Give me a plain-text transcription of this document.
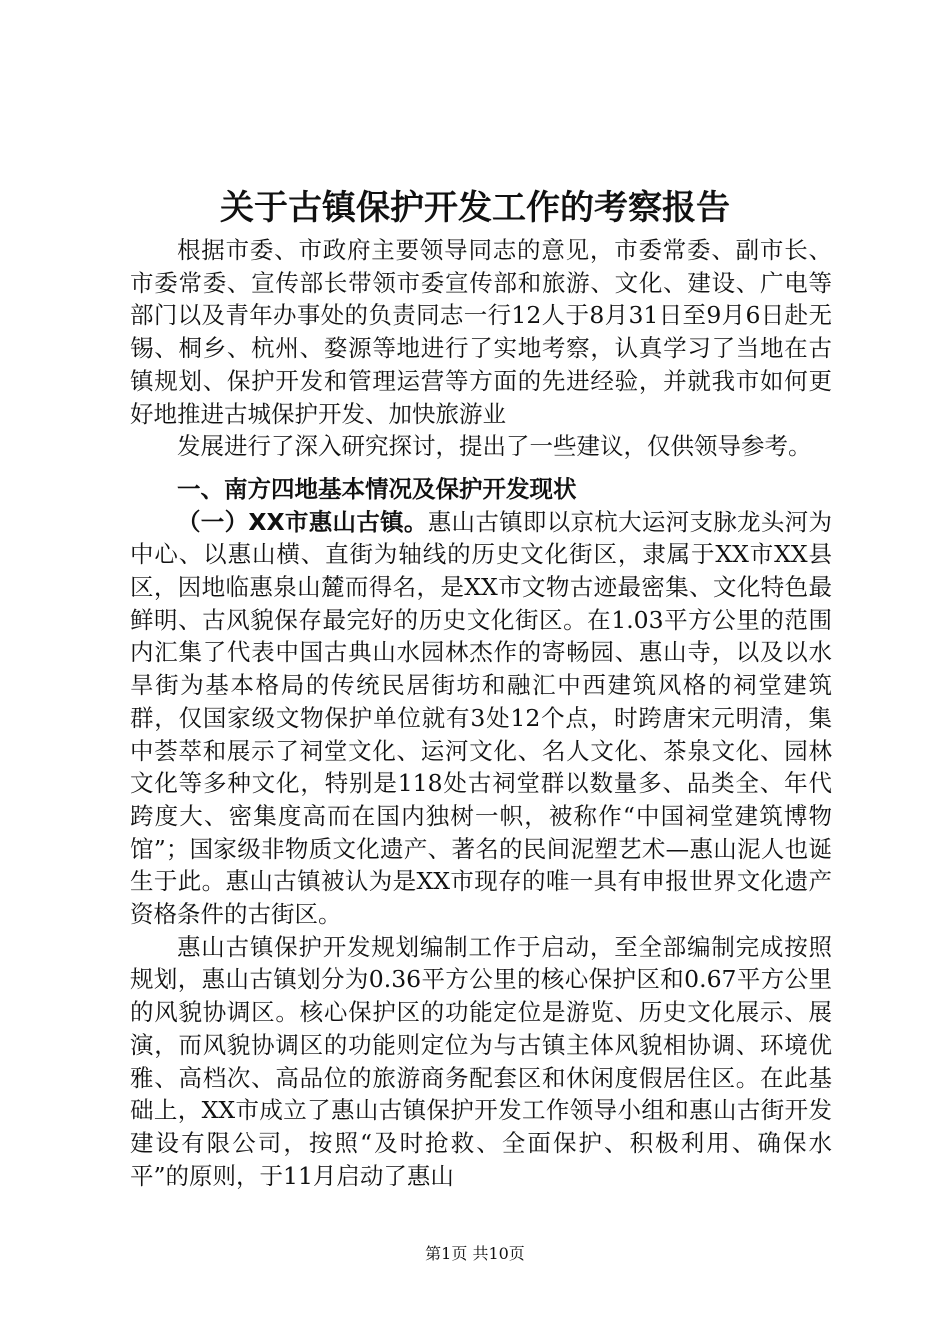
关于古镇保护开发工作的考察报告

根据市委、市政府主要领导同志的意见，市委常委、副市长、市委常委、宣传部长带领市委宣传部和旅游、文化、建设、广电等部门以及青年办事处的负责同志一行12人于8月31日至9月6日赴无锡、桐乡、杭州、婺源等地进行了实地考察，认真学习了当地在古镇规划、保护开发和管理运营等方面的先进经验，并就我市如何更好地推进古城保护开发、加快旅游业

发展进行了深入研究探讨，提出了一些建议，仅供领导参考。

一、南方四地基本情况及保护开发现状

（一）XX市惠山古镇。惠山古镇即以京杭大运河支脉龙头河为中心、以惠山横、直街为轴线的历史文化街区，隶属于XX市XX县区，因地临惠泉山麓而得名，是XX市文物古迹最密集、文化特色最鲜明、古风貌保存最完好的历史文化街区。在1.03平方公里的范围内汇集了代表中国古典山水园林杰作的寄畅园、惠山寺，以及以水旱街为基本格局的传统民居街坊和融汇中西建筑风格的祠堂建筑群，仅国家级文物保护单位就有3处12个点，时跨唐宋元明清，集中荟萃和展示了祠堂文化、运河文化、名人文化、茶泉文化、园林文化等多种文化，特别是118处古祠堂群以数量多、品类全、年代跨度大、密集度高而在国内独树一帜，被称作“中国祠堂建筑博物馆”；国家级非物质文化遗产、著名的民间泥塑艺术—惠山泥人也诞生于此。惠山古镇被认为是XX市现存的唯一具有申报世界文化遗产资格条件的古街区。

惠山古镇保护开发规划编制工作于启动，至全部编制完成按照规划，惠山古镇划分为0.36平方公里的核心保护区和0.67平方公里的风貌协调区。核心保护区的功能定位是游览、历史文化展示、展演，而风貌协调区的功能则定位为与古镇主体风貌相协调、环境优雅、高档次、高品位的旅游商务配套区和休闲度假居住区。在此基础上，XX市成立了惠山古镇保护开发工作领导小组和惠山古街开发建设有限公司，按照“及时抢救、全面保护、积极利用、确保水平”的原则，于11月启动了惠山

第1页 共10页
